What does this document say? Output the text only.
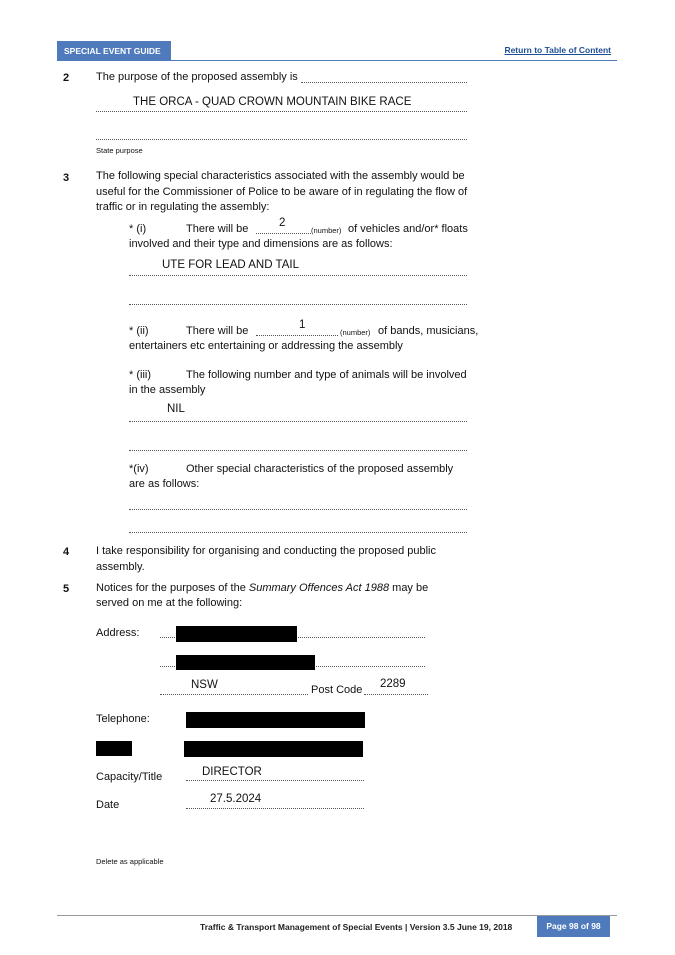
SPECIAL EVENT GUIDE	Return to Table of Content
2 The purpose of the proposed assembly is
THE ORCA - QUAD CROWN MOUNTAIN BIKE RACE
State purpose
3 The following special characteristics associated with the assembly would be useful for the Commissioner of Police to be aware of in regulating the flow of traffic or in regulating the assembly:
* (i)	There will be	2
(number) of vehicles and/or* floats
involved and their type and dimensions are as follows:
UTE FOR LEAD AND TAIL
* (ii)	There will be	1
(number) of bands, musicians,
entertainers etc entertaining or addressing the assembly
* (iii)	The following number and type of animals will be involved
in the assembly
NIL
*(iv)	Other special characteristics of the proposed assembly
are as follows:
4 I take responsibility for organising and conducting the proposed public assembly.
5 Notices for the purposes of the Summary Offences Act 1988 may be
served on me at the following:
Address:
NSW	Post Code 2289
Telephone:
Capacity/Title	DIRECTOR
Date	27.5.2024
Delete as applicable
Traffic & Transport Management of Special Events | Version 3.5 June 19, 2018	Page 98 of 98
